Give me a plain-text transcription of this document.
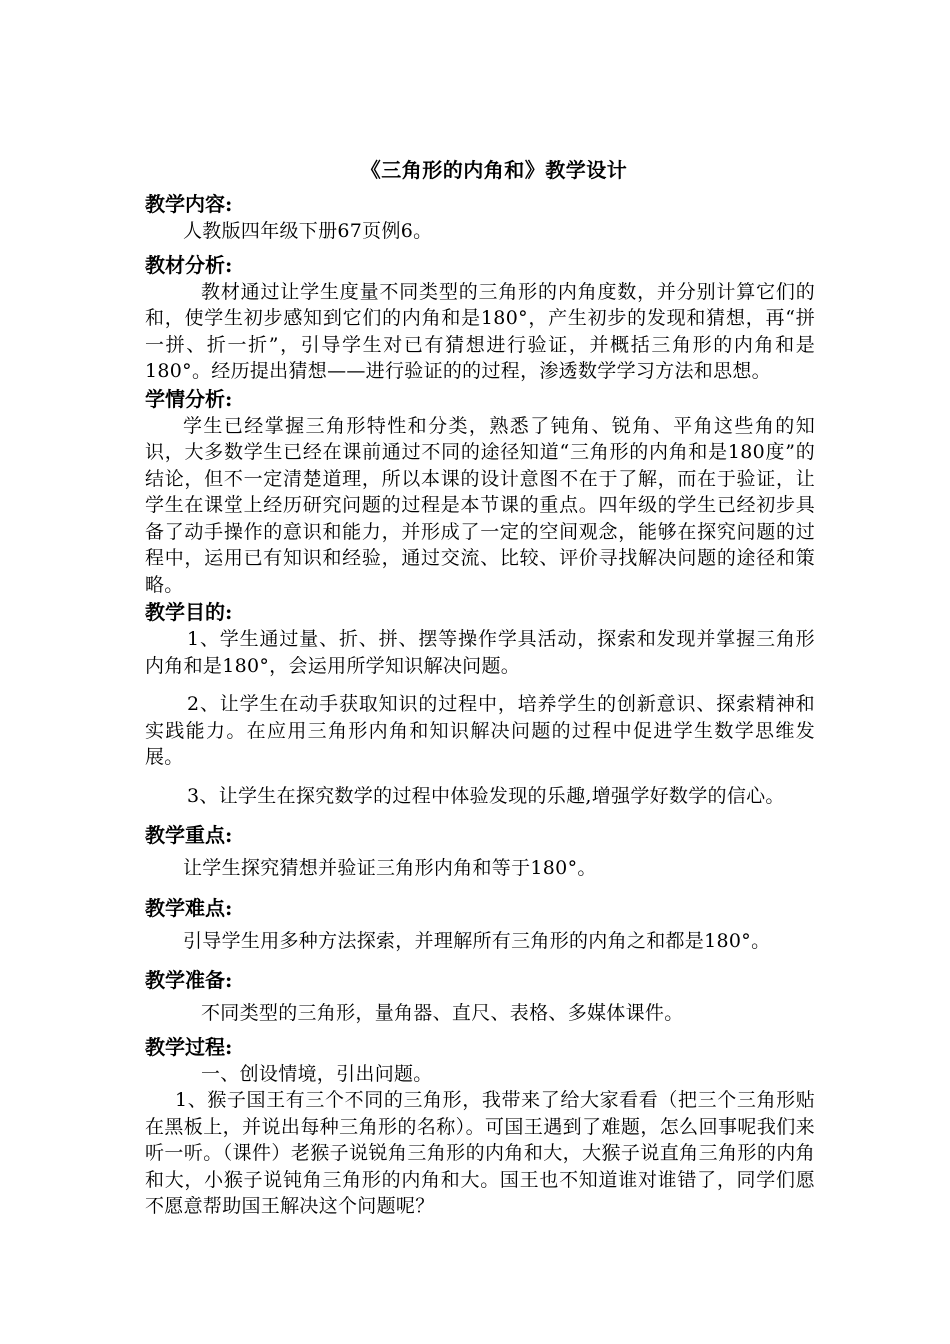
《三角形的内角和》教学设计
教学内容:

人教版四年级下册67页例6。

教材分析:

教材通过让学生度量不同类型的三角形的内角度数，并分别计算它们的和，使学生初步感知到它们的内角和是180°，产生初步的发现和猜想，再“拼一拼、折一折”，引导学生对已有猜想进行验证，并概括三角形的内角和是180°。经历提出猜想——进行验证的的过程，渗透数学学习方法和思想。

学情分析:

学生已经掌握三角形特性和分类，熟悉了钝角、锐角、平角这些角的知识，大多数学生已经在课前通过不同的途径知道“三角形的内角和是180度”的结论，但不一定清楚道理，所以本课的设计意图不在于了解，而在于验证，让学生在课堂上经历研究问题的过程是本节课的重点。四年级的学生已经初步具备了动手操作的意识和能力，并形成了一定的空间观念，能够在探究问题的过程中，运用已有知识和经验，通过交流、比较、评价寻找解决问题的途径和策略。

教学目的:

1、学生通过量、折、拼、摆等操作学具活动，探索和发现并掌握三角形内角和是180°，会运用所学知识解决问题。

2、让学生在动手获取知识的过程中，培养学生的创新意识、探索精神和实践能力。在应用三角形内角和知识解决问题的过程中促进学生数学思维发展。

3、让学生在探究数学的过程中体验发现的乐趣,增强学好数学的信心。

教学重点:

让学生探究猜想并验证三角形内角和等于180°。

教学难点:

引导学生用多种方法探索，并理解所有三角形的内角之和都是180°。

教学准备:

不同类型的三角形，量角器、直尺、表格、多媒体课件。

教学过程:

一、创设情境，引出问题。

1、猴子国王有三个不同的三角形，我带来了给大家看看（把三个三角形贴在黑板上，并说出每种三角形的名称）。可国王遇到了难题，怎么回事呢我们来听一听。（课件）老猴子说锐角三角形的内角和大，大猴子说直角三角形的内角和大，小猴子说钝角三角形的内角和大。国王也不知道谁对谁错了，同学们愿不愿意帮助国王解决这个问题呢？
